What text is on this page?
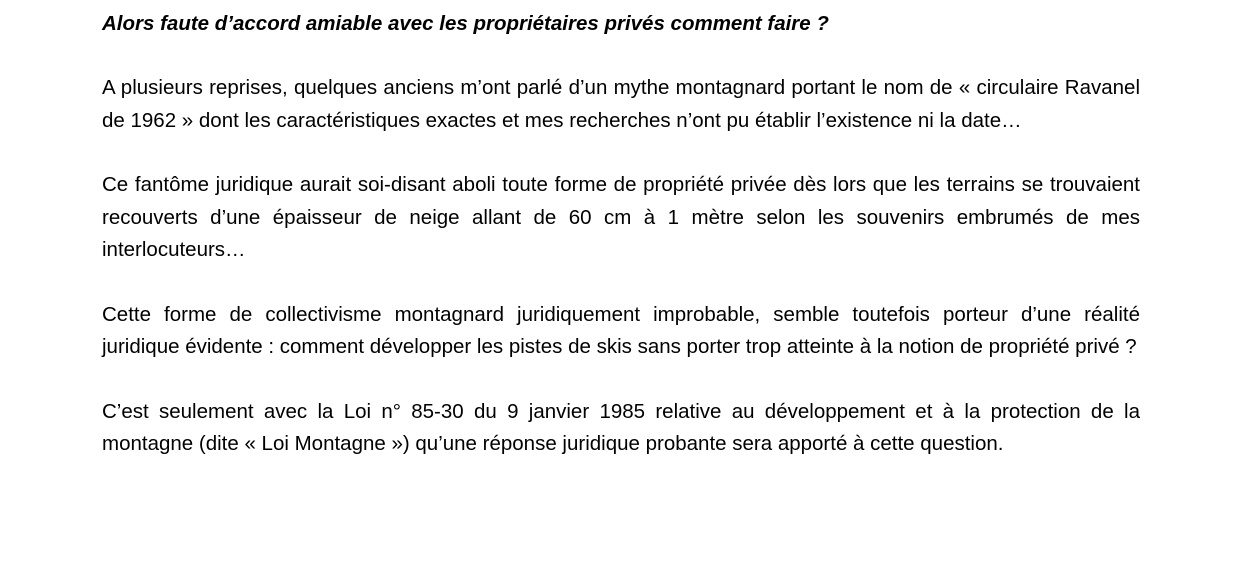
Alors faute d’accord amiable avec les propriétaires privés comment faire ?

A plusieurs reprises, quelques anciens m’ont parlé d’un mythe montagnard portant le nom de « circulaire Ravanel de 1962 » dont les caractéristiques exactes et mes recherches n’ont pu établir l’existence ni la date…

Ce fantôme juridique aurait soi-disant aboli toute forme de propriété privée dès lors que les terrains se trouvaient recouverts d’une épaisseur de neige allant de 60 cm à 1 mètre selon les souvenirs embrumés de mes interlocuteurs…

Cette forme de collectivisme montagnard juridiquement improbable, semble toutefois porteur d’une réalité juridique évidente : comment développer les pistes de skis sans porter trop atteinte à la notion de propriété privé ?

C’est seulement avec la Loi n° 85-30 du 9 janvier 1985 relative au développement et à la protection de la montagne (dite « Loi Montagne ») qu’une réponse juridique probante sera apporté à cette question.
